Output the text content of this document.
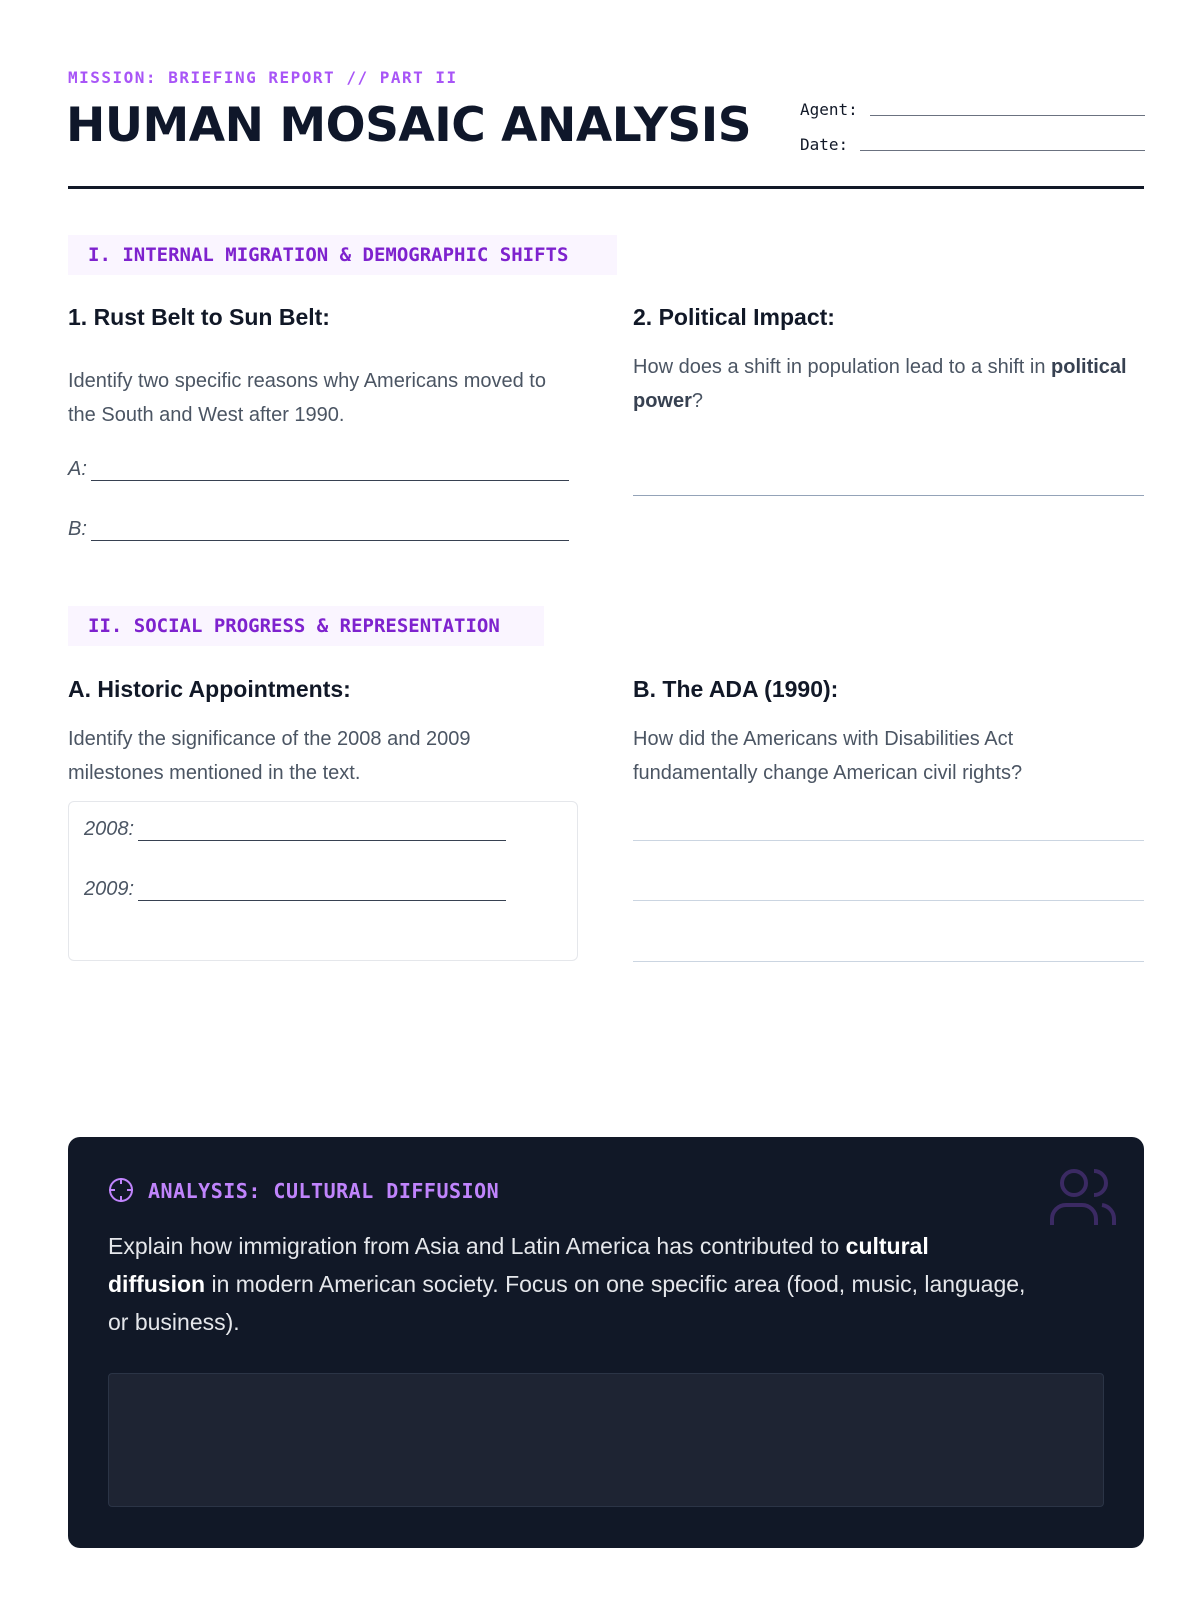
MISSION: BRIEFING REPORT // PART II
HUMAN MOSAIC ANALYSIS	Agent:
Date:
I. INTERNAL MIGRATION & DEMOGRAPHIC SHIFTS
1. Rust Belt to Sun Belt:
Identify two specific reasons why Americans moved to the South and West after 1990.
A:
B:
2. Political Impact:
How does a shift in population lead to a shift in political power?
II. SOCIAL PROGRESS & REPRESENTATION
A. Historic Appointments:
Identify the significance of the 2008 and 2009 milestones mentioned in the text.
2008:
2009:
B. The ADA (1990):
How did the Americans with Disabilities Act fundamentally change American civil rights?
ANALYSIS: CULTURAL DIFFUSION
Explain how immigration from Asia and Latin America has contributed to cultural diffusion in modern American society. Focus on one specific area (food, music, language, or business).
